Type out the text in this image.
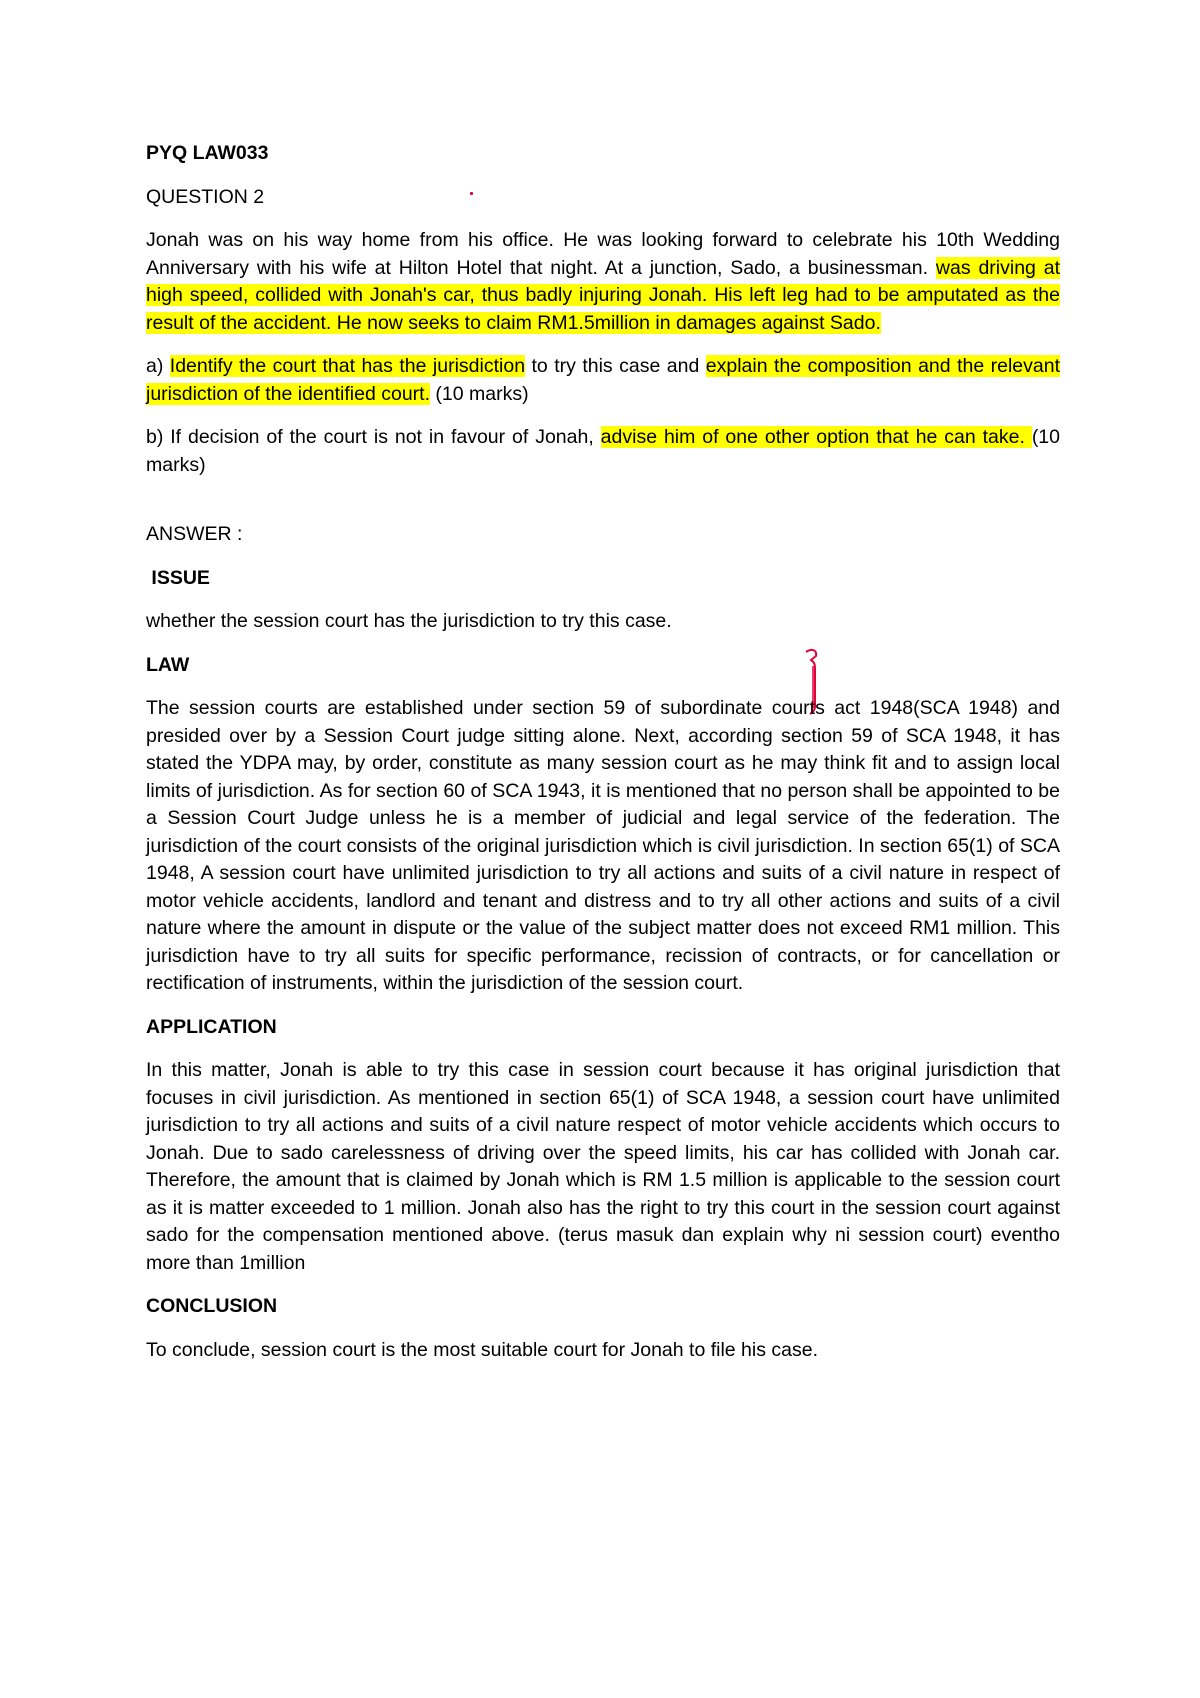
PYQ LAW033

QUESTION 2

Jonah was on his way home from his office. He was looking forward to celebrate his 10th Wedding Anniversary with his wife at Hilton Hotel that night. At a junction, Sado, a businessman. was driving at high speed, collided with Jonah's car, thus badly injuring Jonah. His left leg had to be amputated as the result of the accident. He now seeks to claim RM1.5million in damages against Sado.

a) Identify the court that has the jurisdiction to try this case and explain the composition and the relevant jurisdiction of the identified court. (10 marks)

b) If decision of the court is not in favour of Jonah, advise him of one other option that he can take. (10 marks)

ANSWER :

ISSUE

whether the session court has the jurisdiction to try this case.

LAW

The session courts are established under section 59 of subordinate courts act 1948(SCA 1948) and presided over by a Session Court judge sitting alone. Next, according section 59 of SCA 1948, it has stated the YDPA may, by order, constitute as many session court as he may think fit and to assign local limits of jurisdiction. As for section 60 of SCA 1943, it is mentioned that no person shall be appointed to be a Session Court Judge unless he is a member of judicial and legal service of the federation. The jurisdiction of the court consists of the original jurisdiction which is civil jurisdiction. In section 65(1) of SCA 1948, A session court have unlimited jurisdiction to try all actions and suits of a civil nature in respect of motor vehicle accidents, landlord and tenant and distress and to try all other actions and suits of a civil nature where the amount in dispute or the value of the subject matter does not exceed RM1 million. This jurisdiction have to try all suits for specific performance, recission of contracts, or for cancellation or rectification of instruments, within the jurisdiction of the session court.

APPLICATION

In this matter, Jonah is able to try this case in session court because it has original jurisdiction that focuses in civil jurisdiction. As mentioned in section 65(1) of SCA 1948, a session court have unlimited jurisdiction to try all actions and suits of a civil nature respect of motor vehicle accidents which occurs to Jonah. Due to sado carelessness of driving over the speed limits, his car has collided with Jonah car. Therefore, the amount that is claimed by Jonah which is RM 1.5 million is applicable to the session court as it is matter exceeded to 1 million. Jonah also has the right to try this court in the session court against sado for the compensation mentioned above. (terus masuk dan explain why ni session court) eventho more than 1million

CONCLUSION

To conclude, session court is the most suitable court for Jonah to file his case.
